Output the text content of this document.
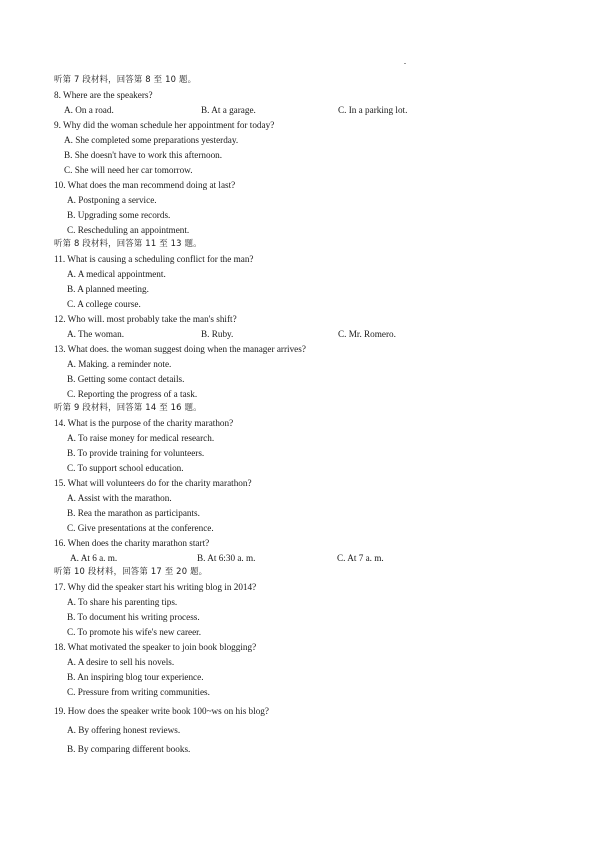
听第 7 段材料，回答第 8 至 10 题。
8. Where are the speakers?
A. On a road.	B. At a garage.	C. In a parking lot.
9. Why did the woman schedule her appointment for today?
A. She completed some preparations yesterday.
B. She doesn't have to work this afternoon.
C. She will need her car tomorrow.
10. What does the man recommend doing at last?
A. Postponing a service.
B. Upgrading some records.
C. Rescheduling an appointment.
听第 8 段材料，回答第 11 至 13 题。
11. What is causing a scheduling conflict for the man?
A. A medical appointment.
B. A planned meeting.
C. A college course.
12. Who will. most probably take the man's shift?
A. The woman.	B. Ruby.	C. Mr. Romero.
13. What does. the woman suggest doing when the manager arrives?
A. Making. a reminder note.
B. Getting some contact details.
C. Reporting the progress of a task.
听第 9 段材料，回答第 14 至 16 题。
14. What is the purpose of the charity marathon?
A. To raise money for medical research.
B. To provide training for volunteers.
C. To support school education.
15. What will volunteers do for the charity marathon?
A. Assist with the marathon.
B. Rea the marathon as participants.
C. Give presentations at the conference.
16. When does the charity marathon start?
A. At 6 a. m.	B. At 6:30 a. m.	C. At 7 a. m.
听第 10 段材料，回答第 17 至 20 题。
17. Why did the speaker start his writing blog in 2014?
A. To share his parenting tips.
B. To document his writing process.
C. To promote his wife's new career.
18. What motivated the speaker to join book blogging?
A. A desire to sell his novels.
B. An inspiring blog tour experience.
C. Pressure from writing communities.
19. How does the speaker write book 100~ws on his blog?
A. By offering honest reviews.
B. By comparing different books.
